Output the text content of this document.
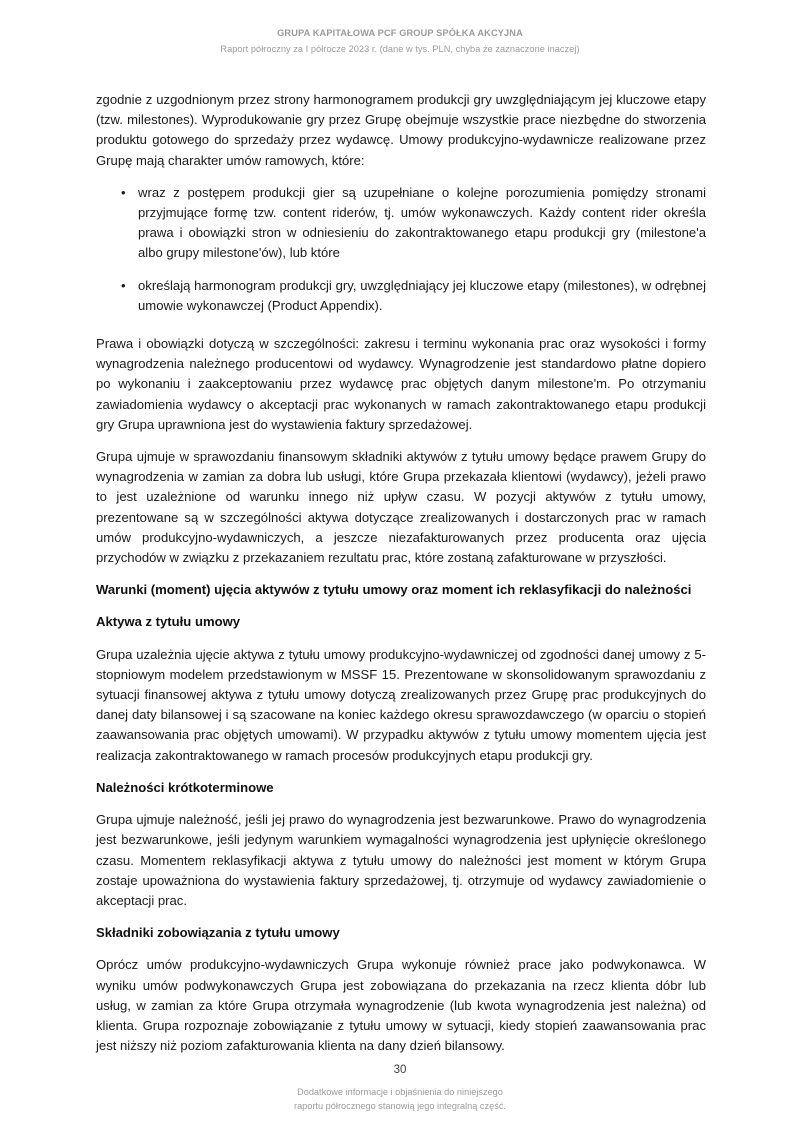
GRUPA KAPITAŁOWA PCF GROUP SPÓŁKA AKCYJNA
Raport półroczny za I półrocze 2023 r. (dane w tys. PLN, chyba że zaznaczone inaczej)

zgodnie z uzgodnionym przez strony harmonogramem produkcji gry uwzględniającym jej kluczowe etapy (tzw. milestones). Wyprodukowanie gry przez Grupę obejmuje wszystkie prace niezbędne do stworzenia produktu gotowego do sprzedaży przez wydawcę. Umowy produkcyjno-wydawnicze realizowane przez Grupę mają charakter umów ramowych, które:

• wraz z postępem produkcji gier są uzupełniane o kolejne porozumienia pomiędzy stronami przyjmujące formę tzw. content riderów, tj. umów wykonawczych. Każdy content rider określa prawa i obowiązki stron w odniesieniu do zakontraktowanego etapu produkcji gry (milestone'a albo grupy milestone'ów), lub które
• określają harmonogram produkcji gry, uwzględniający jej kluczowe etapy (milestones), w odrębnej umowie wykonawczej (Product Appendix).

Prawa i obowiązki dotyczą w szczególności: zakresu i terminu wykonania prac oraz wysokości i formy wynagrodzenia należnego producentowi od wydawcy. Wynagrodzenie jest standardowo płatne dopiero po wykonaniu i zaakceptowaniu przez wydawcę prac objętych danym milestone'm. Po otrzymaniu zawiadomienia wydawcy o akceptacji prac wykonanych w ramach zakontraktowanego etapu produkcji gry Grupa uprawniona jest do wystawienia faktury sprzedażowej.

Grupa ujmuje w sprawozdaniu finansowym składniki aktywów z tytułu umowy będące prawem Grupy do wynagrodzenia w zamian za dobra lub usługi, które Grupa przekazała klientowi (wydawcy), jeżeli prawo to jest uzależnione od warunku innego niż upływ czasu. W pozycji aktywów z tytułu umowy, prezentowane są w szczególności aktywa dotyczące zrealizowanych i dostarczonych prac w ramach umów produkcyjno-wydawniczych, a jeszcze niezafakturowanych przez producenta oraz ujęcia przychodów w związku z przekazaniem rezultatu prac, które zostaną zafakturowane w przyszłości.

Warunki (moment) ujęcia aktywów z tytułu umowy oraz moment ich reklasyfikacji do należności
Aktywa z tytułu umowy

Grupa uzależnia ujęcie aktywa z tytułu umowy produkcyjno-wydawniczej od zgodności danej umowy z 5-stopniowym modelem przedstawionym w MSSF 15. Prezentowane w skonsolidowanym sprawozdaniu z sytuacji finansowej aktywa z tytułu umowy dotyczą zrealizowanych przez Grupę prac produkcyjnych do danej daty bilansowej i są szacowane na koniec każdego okresu sprawozdawczego (w oparciu o stopień zaawansowania prac objętych umowami). W przypadku aktywów z tytułu umowy momentem ujęcia jest realizacja zakontraktowanego w ramach procesów produkcyjnych etapu produkcji gry.

Należności krótkoterminowe

Grupa ujmuje należność, jeśli jej prawo do wynagrodzenia jest bezwarunkowe. Prawo do wynagrodzenia jest bezwarunkowe, jeśli jedynym warunkiem wymagalności wynagrodzenia jest upłynięcie określonego czasu. Momentem reklasyfikacji aktywa z tytułu umowy do należności jest moment w którym Grupa zostaje upoważniona do wystawienia faktury sprzedażowej, tj. otrzymuje od wydawcy zawiadomienie o akceptacji prac.

Składniki zobowiązania z tytułu umowy

Oprócz umów produkcyjno-wydawniczych Grupa wykonuje również prace jako podwykonawca. W wyniku umów podwykonawczych Grupa jest zobowiązana do przekazania na rzecz klienta dóbr lub usług, w zamian za które Grupa otrzymała wynagrodzenie (lub kwota wynagrodzenia jest należna) od klienta. Grupa rozpoznaje zobowiązanie z tytułu umowy w sytuacji, kiedy stopień zaawansowania prac jest niższy niż poziom zafakturowania klienta na dany dzień bilansowy.

30
Dodatkowe informacje i objaśnienia do niniejszego
raportu półrocznego stanowią jego integralną część.
